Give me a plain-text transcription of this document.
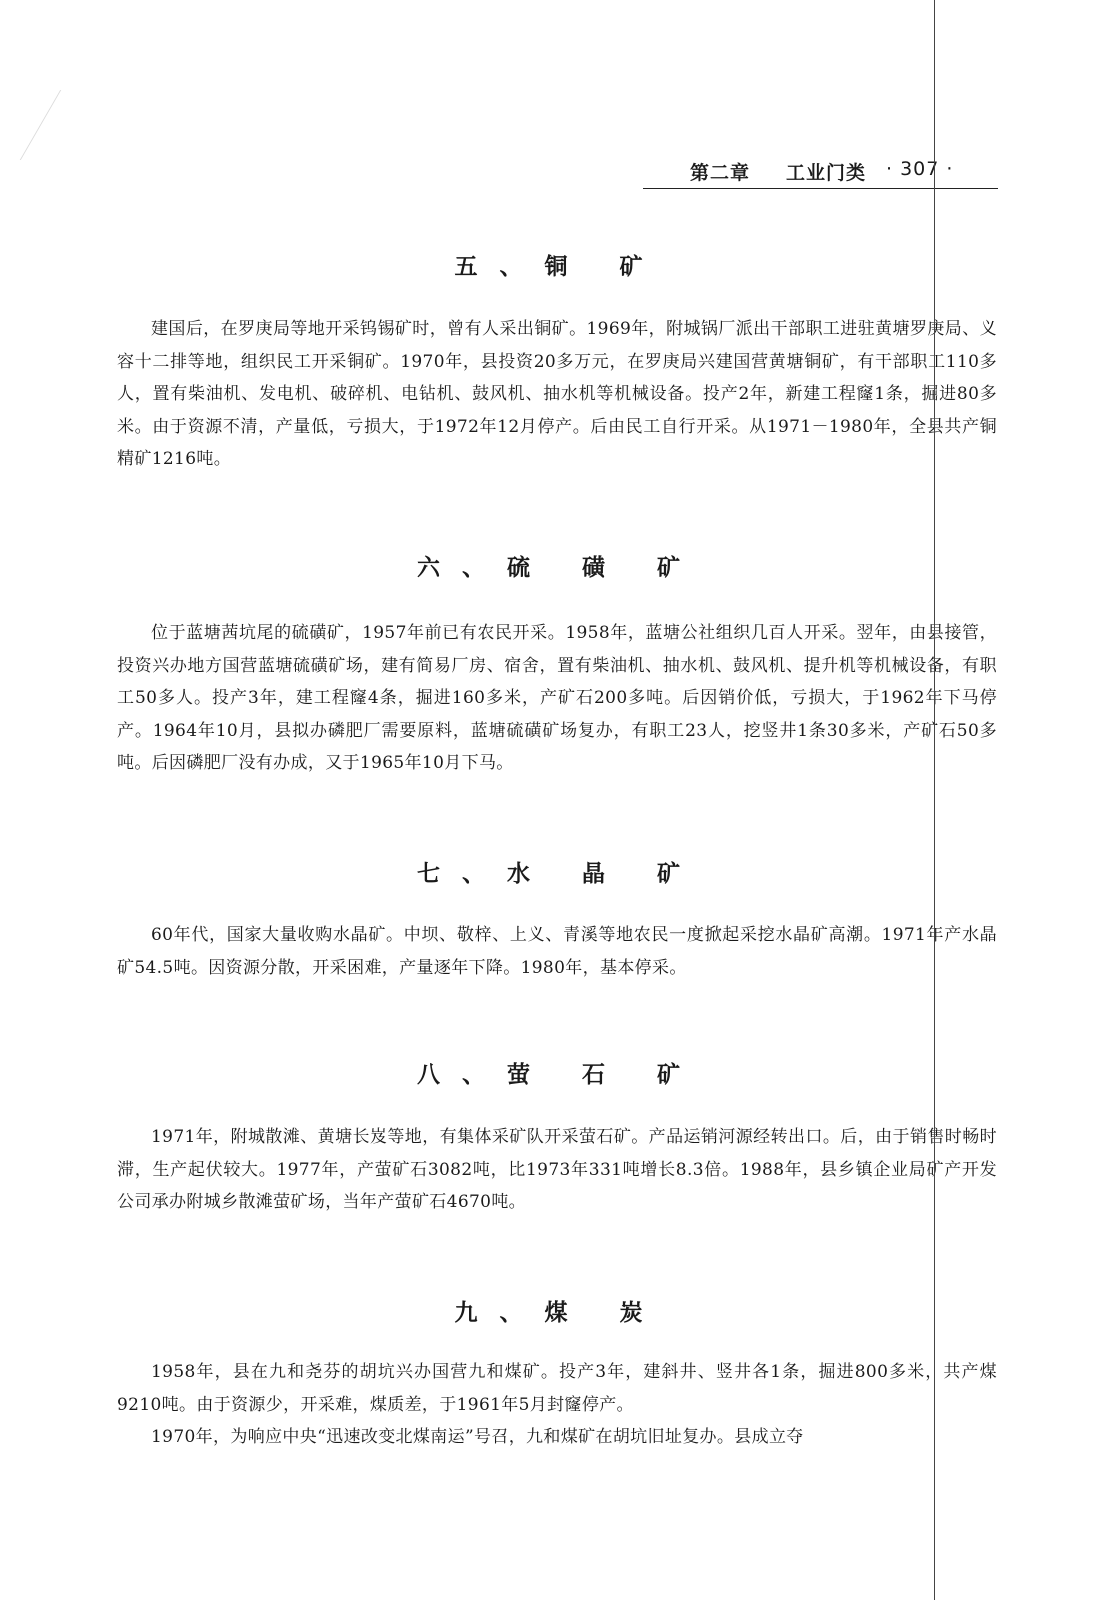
第二章 工业门类 · 307 ·
五、铜 矿

建国后，在罗庚局等地开采钨锡矿时，曾有人采出铜矿。1969年，附城锅厂派出干部职工进驻黄塘罗庚局、义容十二排等地，组织民工开采铜矿。1970年，县投资20多万元，在罗庚局兴建国营黄塘铜矿，有干部职工110多人，置有柴油机、发电机、破碎机、电钻机、鼓风机、抽水机等机械设备。投产2年，新建工程窿1条，掘进80多米。由于资源不清，产量低，亏损大，于1972年12月停产。后由民工自行开采。从1971－1980年，全县共产铜精矿1216吨。

六、硫 磺 矿

位于蓝塘茜坑尾的硫磺矿，1957年前已有农民开采。1958年，蓝塘公社组织几百人开采。翌年，由县接管，投资兴办地方国营蓝塘硫磺矿场，建有简易厂房、宿舍，置有柴油机、抽水机、鼓风机、提升机等机械设备，有职工50多人。投产3年，建工程窿4条，掘进160多米，产矿石200多吨。后因销价低，亏损大，于1962年下马停产。1964年10月，县拟办磷肥厂需要原料，蓝塘硫磺矿场复办，有职工23人，挖竖井1条30多米，产矿石50多吨。后因磷肥厂没有办成，又于1965年10月下马。

七、水 晶 矿

60年代，国家大量收购水晶矿。中坝、敬梓、上义、青溪等地农民一度掀起采挖水晶矿高潮。1971年产水晶矿54.5吨。因资源分散，开采困难，产量逐年下降。1980年，基本停采。

八、萤 石 矿

1971年，附城散滩、黄塘长岌等地，有集体采矿队开采萤石矿。产品运销河源经转出口。后，由于销售时畅时滞，生产起伏较大。1977年，产萤矿石3082吨，比1973年331吨增长8.3倍。1988年，县乡镇企业局矿产开发公司承办附城乡散滩萤矿场，当年产萤矿石4670吨。

九、煤 炭

1958年，县在九和尧芬的胡坑兴办国营九和煤矿。投产3年，建斜井、竖井各1条，掘进800多米，共产煤9210吨。由于资源少，开采难，煤质差，于1961年5月封窿停产。

1970年，为响应中央“迅速改变北煤南运”号召，九和煤矿在胡坑旧址复办。县成立夺
